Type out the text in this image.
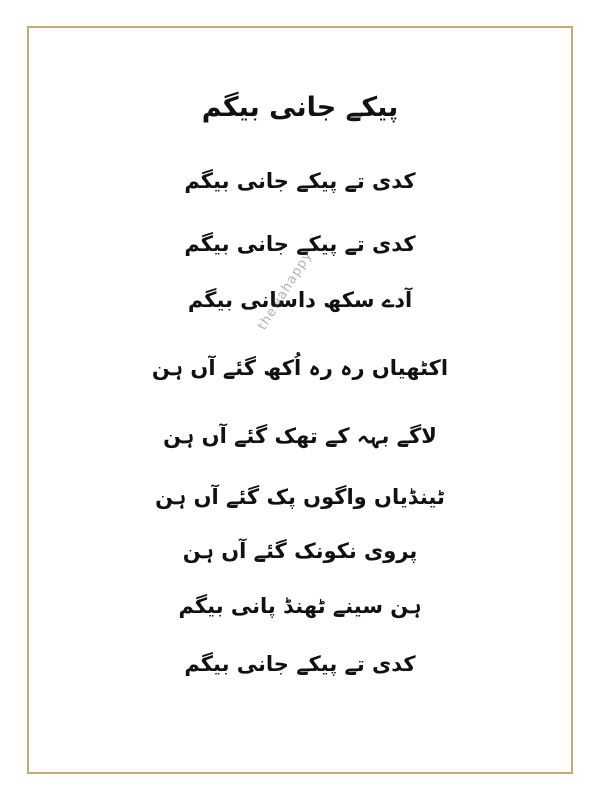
پیکے جانی بیگم
کدی تے پیکے جانی بیگم
کدی تے پیکے جانی بیگم
آدے سکھ داسانی بیگم
اکٹھیاں رہ رہ اُکھ گئے آں ہن
لاگے بہہ کے تھک گئے آں ہن
ٹینڈیاں واگوں پک گئے آں ہن
پروی نکونک گئے آں ہن
ہن سینے ٹھنڈ پانی بیگم
کدی تے پیکے جانی بیگم
thewahappy
